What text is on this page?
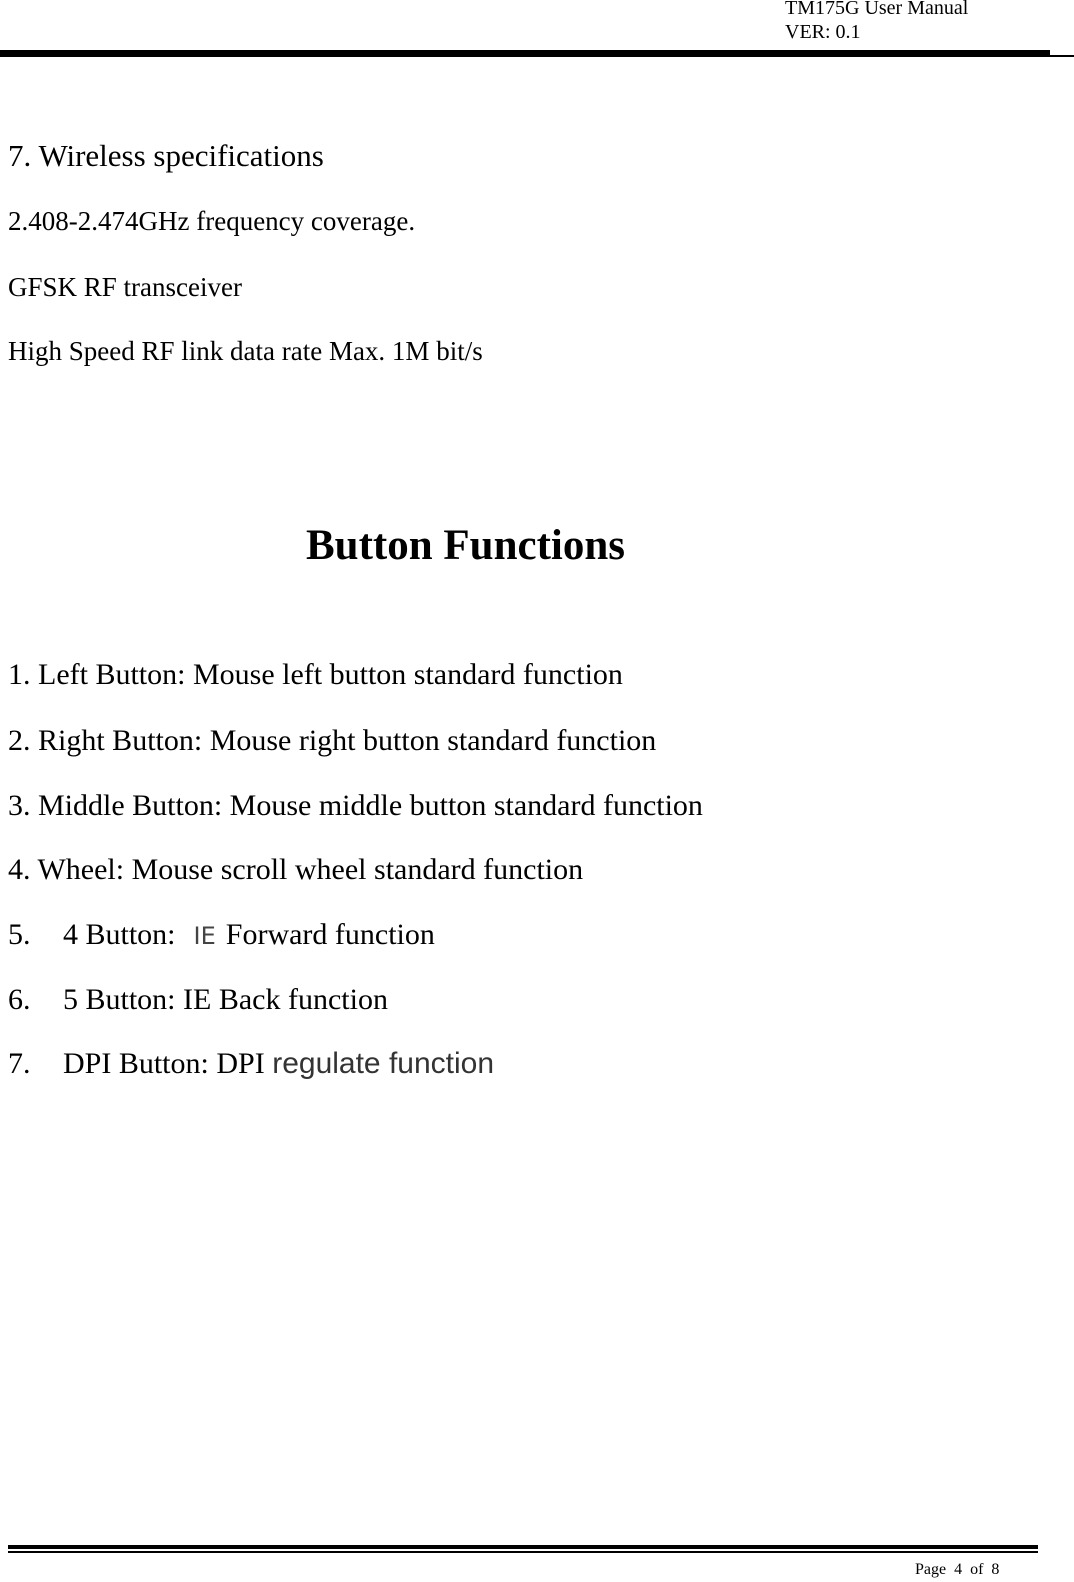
TM175G User Manual
VER: 0.1
7. Wireless specifications
2.408-2.474GHz frequency coverage.
GFSK RF transceiver
High Speed RF link data rate Max. 1M bit/s
Button Functions
1. Left Button: Mouse left button standard function
2. Right Button: Mouse right button standard function
3. Middle Button: Mouse middle button standard function
4. Wheel: Mouse scroll wheel standard function
5. 4 Button: IE Forward function
6. 5 Button: IE Back function
7. DPI Button: DPI regulate function
Page 4 of 8
